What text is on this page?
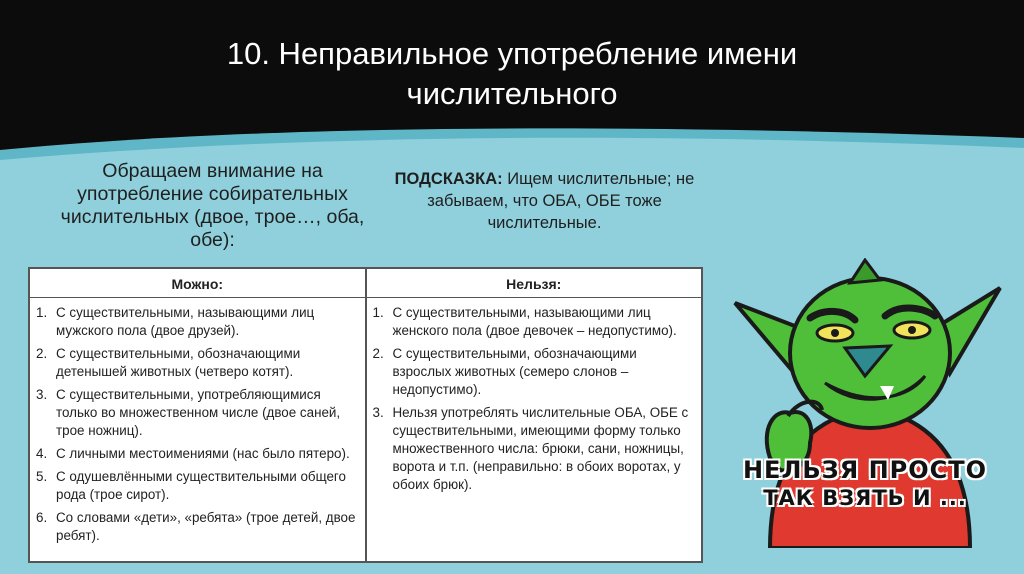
10. Неправильное употребление имени
числительного
Обращаем внимание на употребление собирательных числительных (двое, трое…, оба, обе):
ПОДСКАЗКА: Ищем числительные; не забываем, что ОБА, ОБЕ тоже числительные.
Можно:
1. С существительными, называющими лиц мужского пола (двое друзей).
2. С существительными, обозначающими детенышей животных (четверо котят).
3. С существительными, употребляющимися только во множественном числе (двое саней, трое ножниц).
4. С личными местоимениями (нас было пятеро).
5. С одушевлёнными существительными общего рода (трое сирот).
6. Со словами «дети», «ребята» (трое детей, двое ребят).
Нельзя:
1. С существительными, называющими лиц женского пола (двое девочек – недопустимо).
2. С существительными, обозначающими взрослых животных (семеро слонов – недопустимо).
3. Нельзя употреблять числительные ОБА, ОБЕ с существительными, имеющими форму только множественного числа: брюки, сани, ножницы, ворота и т.п. (неправильно: в обоих воротах, у обоих брюк).
НЕЛЬЗЯ ПРОСТО
ТАК ВЗЯТЬ И ...
